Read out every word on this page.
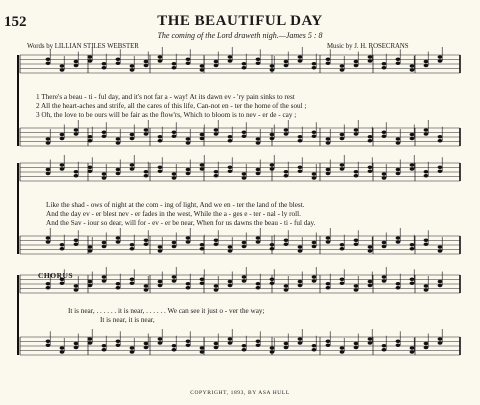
152	THE BEAUTIFUL DAY
The coming of the Lord draweth nigh.—James 5 : 8
Words by LILLIAN STILES WEBSTER	Music by J. H. ROSECRANS
1 There's a beau - ti - ful day, and it's not far a - way! At its dawn ev - 'ry pain sinks to rest
2 All the heart-aches and strife, all the cares of this life, Can-not en - ter the home of the soul ;
3 Oh, the love to be ours will be fair as the flow'rs, Which to bloom is to nev - er de - cay ;
Like the shad - ows of night at the com - ing of light, And we en - ter the land of the blest.
And the day ev - er blest nev - er fades in the west, While the a - ges e - ter - nal - ly roll.
And the Sav - iour so dear, will for - ev - er be near, When for us dawns the beau - ti - ful day.
CHORUS
It is near, . . . . . . it is near, . . . . . . We can see it just o - ver the way;
It is near, it is near,
COPYRIGHT, 1893, BY ASA HULL
